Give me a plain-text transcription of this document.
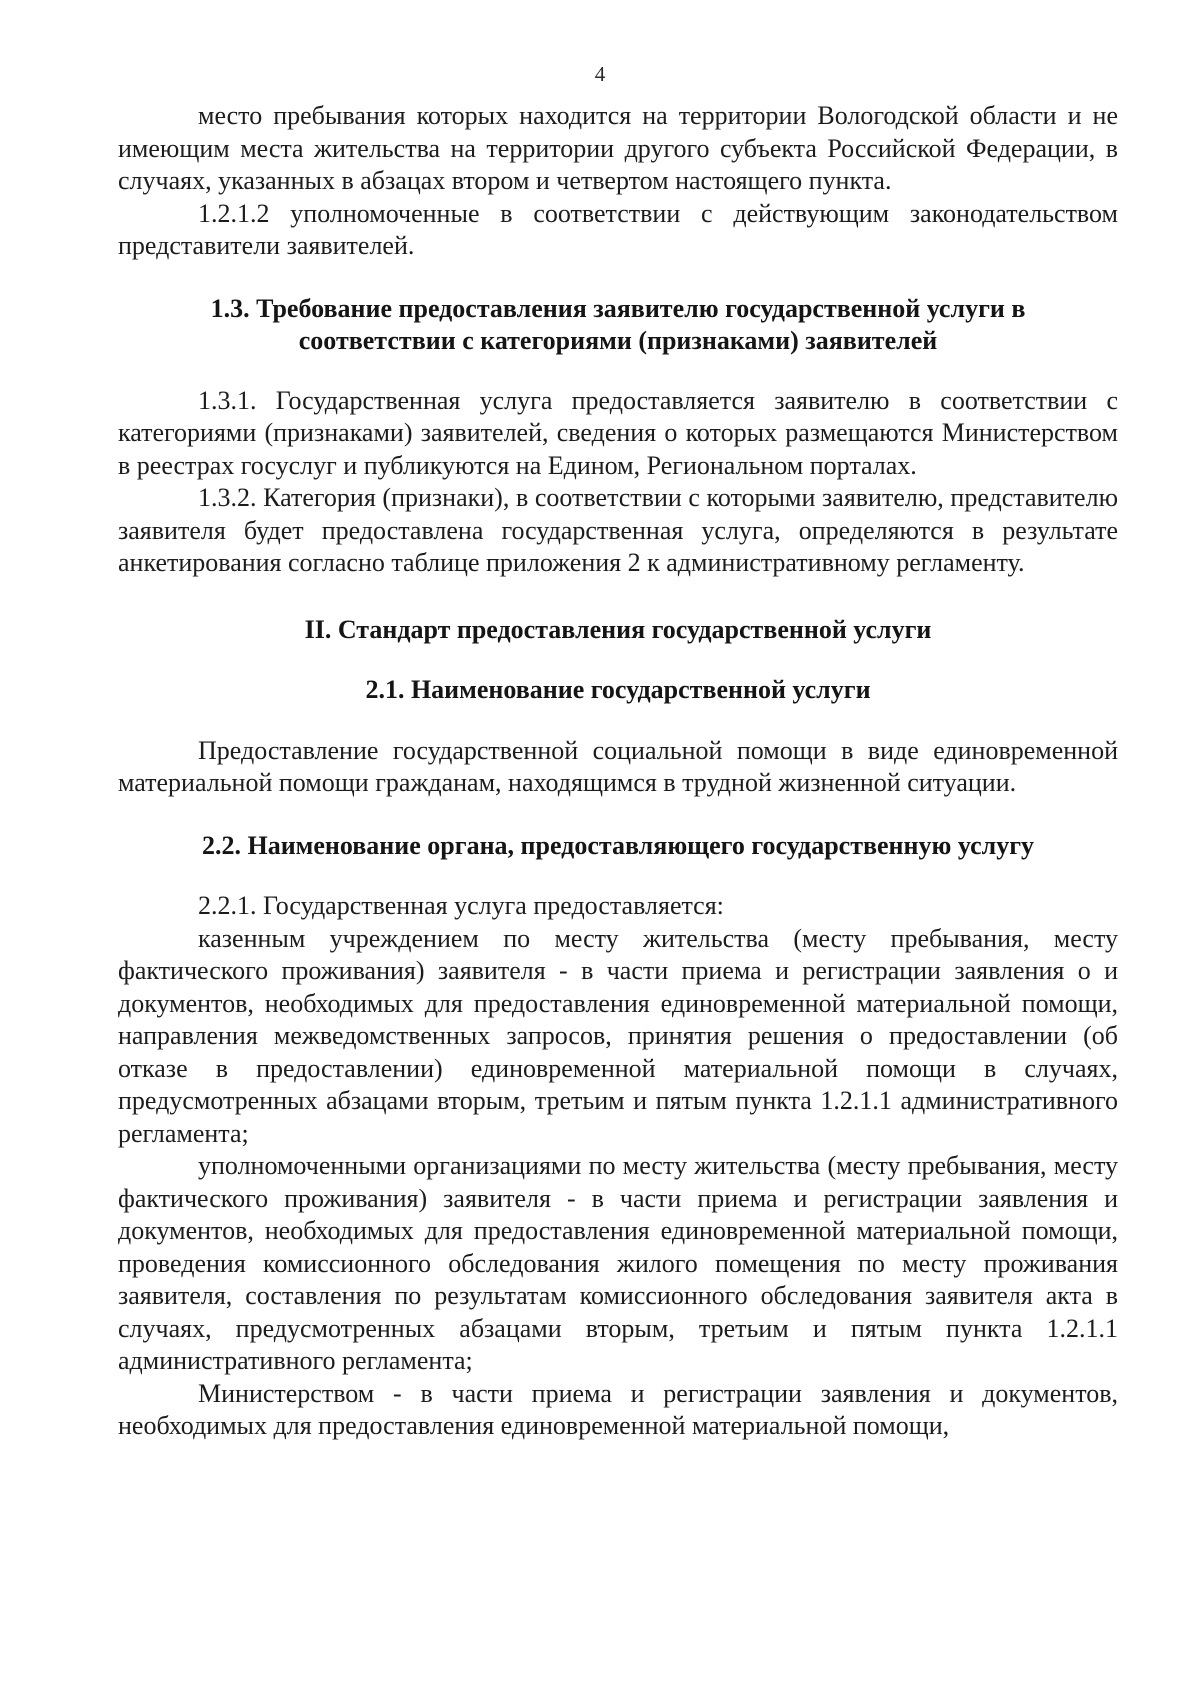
4

место пребывания которых находится на территории Вологодской области и не имеющим места жительства на территории другого субъекта Российской Федерации, в случаях, указанных в абзацах втором и четвертом настоящего пункта.

1.2.1.2 уполномоченные в соответствии с действующим законодательством представители заявителей.

1.3. Требование предоставления заявителю государственной услуги в
соответствии с категориями (признаками) заявителей

1.3.1. Государственная услуга предоставляется заявителю в соответствии с категориями (признаками) заявителей, сведения о которых размещаются Министерством в реестрах госуслуг и публикуются на Едином, Региональном порталах.

1.3.2. Категория (признаки), в соответствии с которыми заявителю, представителю заявителя будет предоставлена государственная услуга, определяются в результате анкетирования согласно таблице приложения 2 к административному регламенту.

II. Стандарт предоставления государственной услуги
2.1. Наименование государственной услуги

Предоставление государственной социальной помощи в виде единовременной материальной помощи гражданам, находящимся в трудной жизненной ситуации.

2.2. Наименование органа, предоставляющего государственную услугу

2.2.1. Государственная услуга предоставляется:

казенным учреждением по месту жительства (месту пребывания, месту фактического проживания) заявителя - в части приема и регистрации заявления о и документов, необходимых для предоставления единовременной материальной помощи, направления межведомственных запросов, принятия решения о предоставлении (об отказе в предоставлении) единовременной материальной помощи в случаях, предусмотренных абзацами вторым, третьим и пятым пункта 1.2.1.1 административного регламента;

уполномоченными организациями по месту жительства (месту пребывания, месту фактического проживания) заявителя - в части приема и регистрации заявления и документов, необходимых для предоставления единовременной материальной помощи, проведения комиссионного обследования жилого помещения по месту проживания заявителя, составления по результатам комиссионного обследования заявителя акта в случаях, предусмотренных абзацами вторым, третьим и пятым пункта 1.2.1.1 административного регламента;

Министерством - в части приема и регистрации заявления и документов, необходимых для предоставления единовременной материальной помощи,
